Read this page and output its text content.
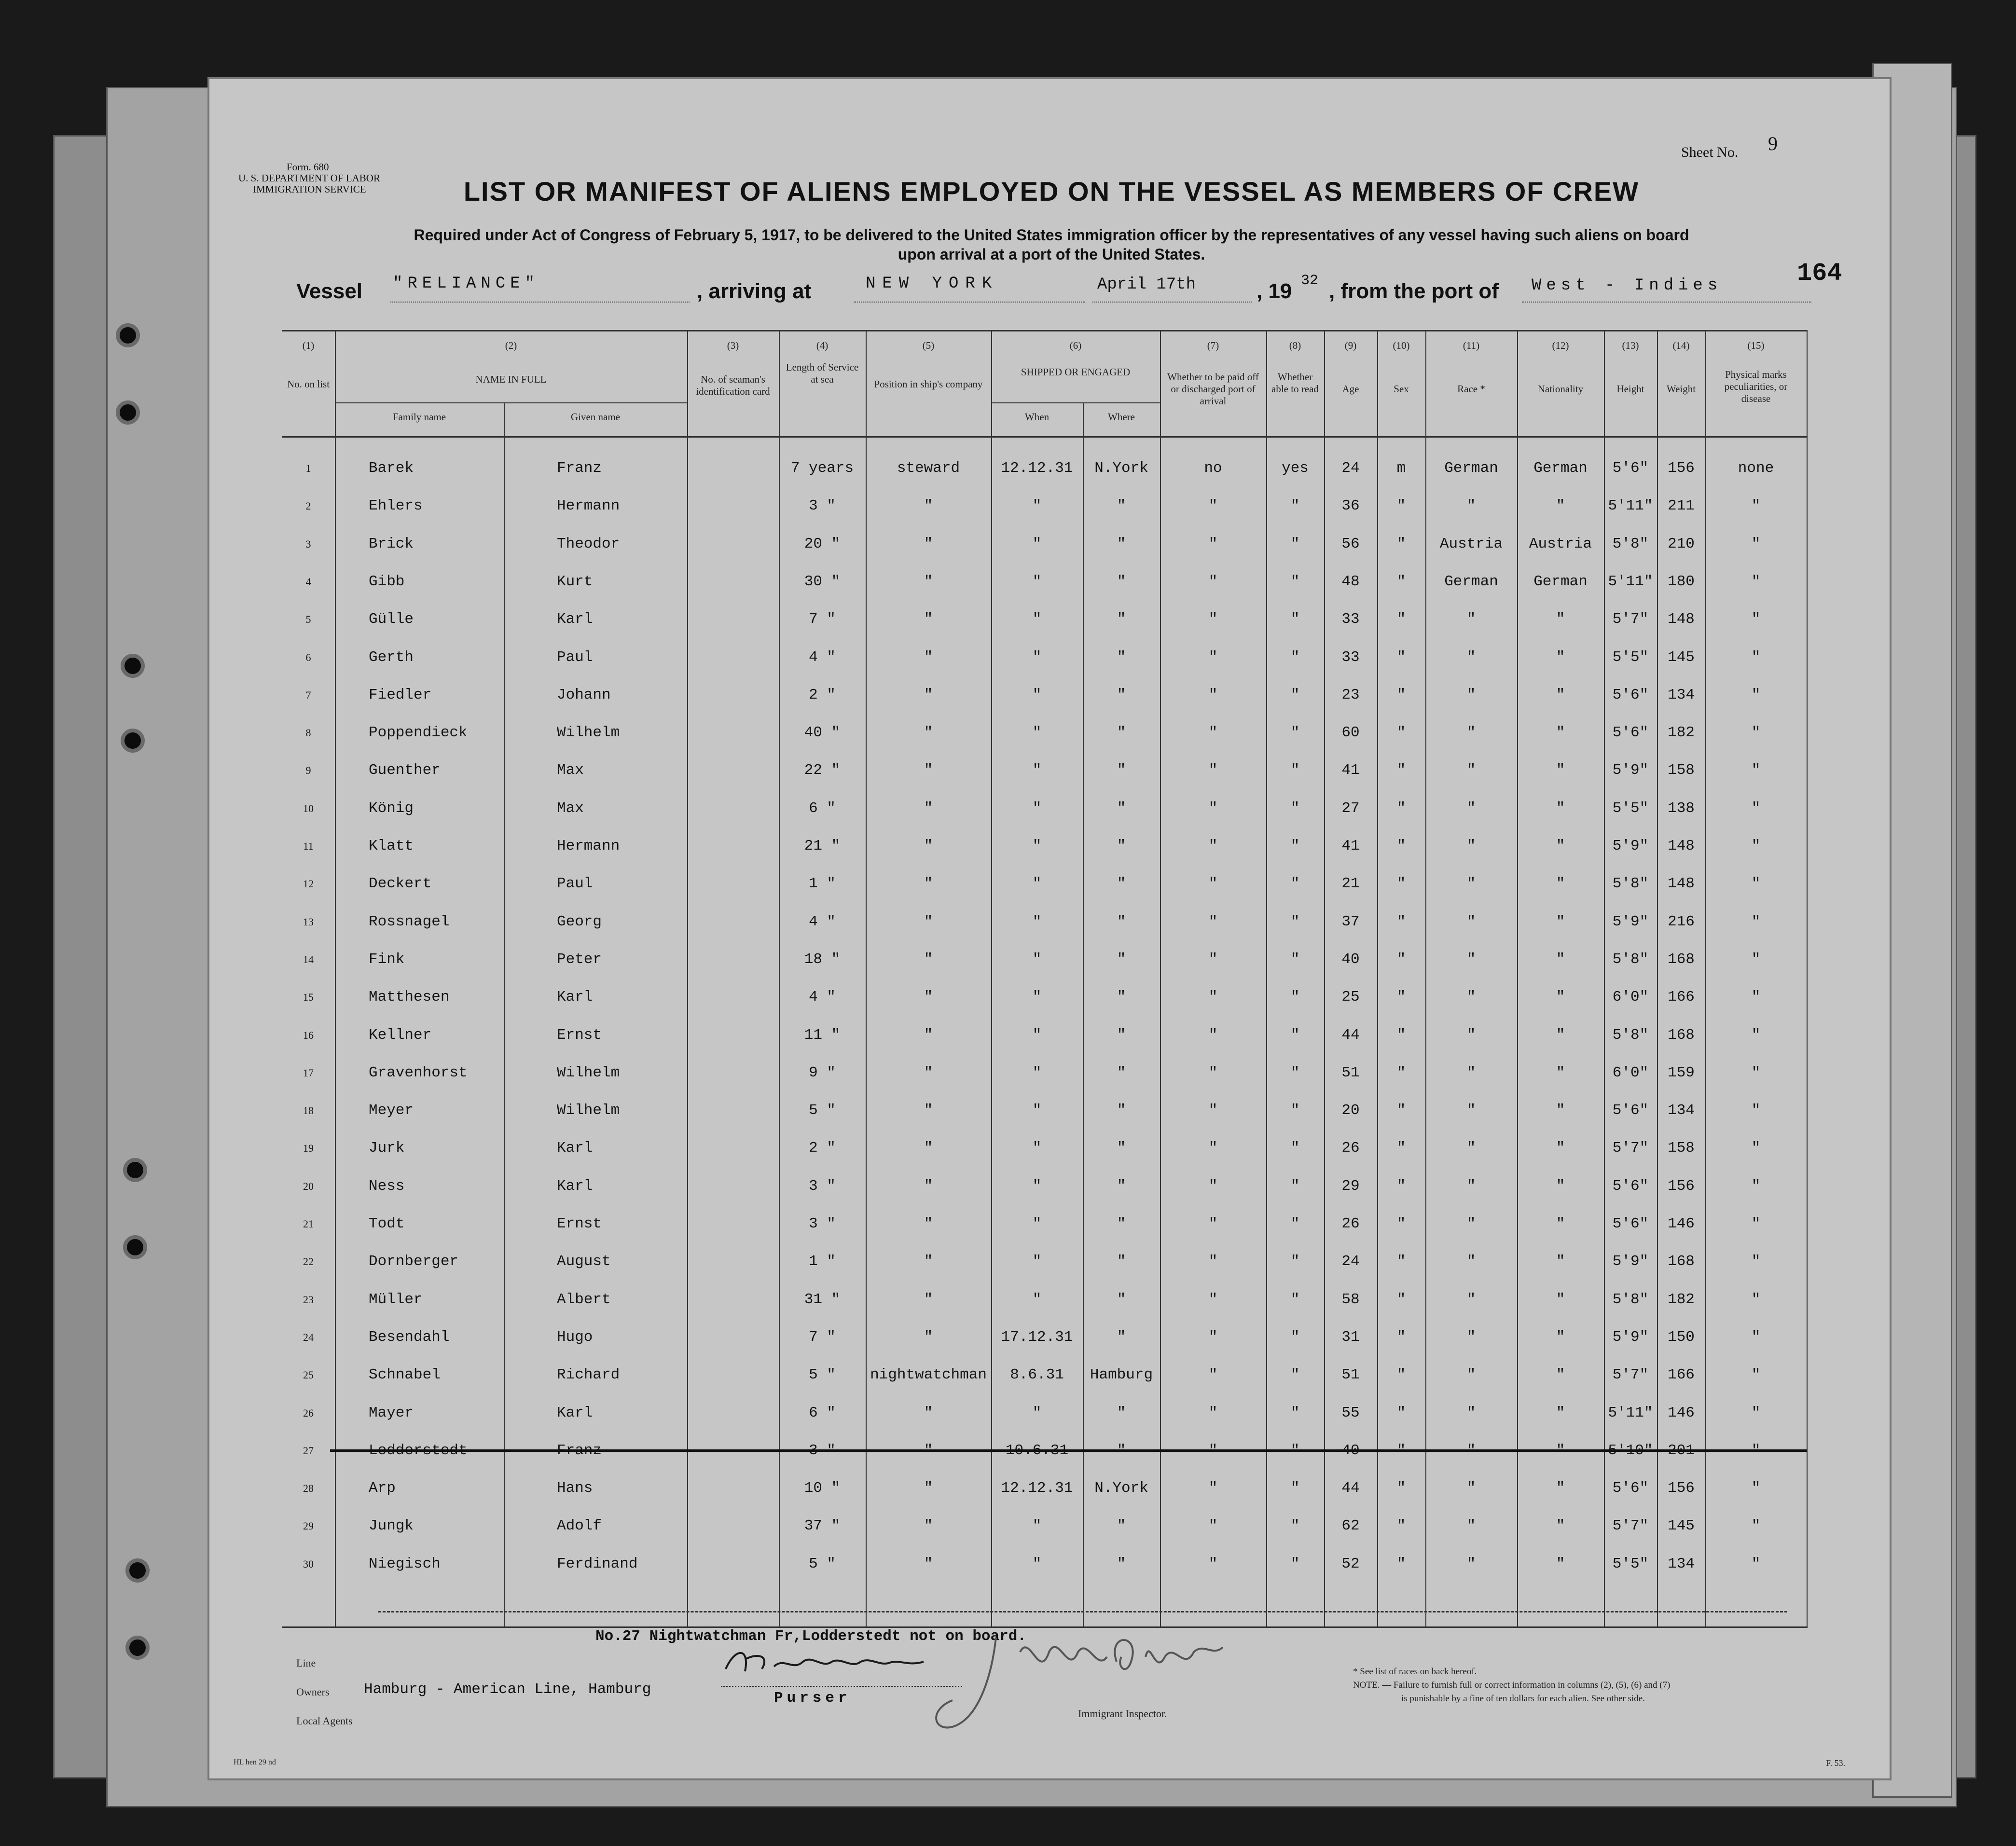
Form. 680
U. S. DEPARTMENT OF LABOR
IMMIGRATION SERVICE
Sheet No. 9
LIST OR MANIFEST OF ALIENS EMPLOYED ON THE VESSEL AS MEMBERS OF CREW
Required under Act of Congress of February 5, 1917, to be delivered to the United States immigration officer by the representatives of any vessel having such aliens on board
upon arrival at a port of the United States.
Vessel "RELIANCE"	, arriving at	NEW YORK	April 17th	, 19 32 , from the port of West - Indies	164
(1)
No. on list
(2)
NAME IN FULL
(3)
No. of seaman's identification card
(4)
Length of Service at sea
(5)
Position in ship's company
(6)
SHIPPED OR ENGAGED
(7)
Whether to be paid off or discharged port of arrival
(8)
Whether able to read
(9)
Age
(10)
Sex
(11)
Race *
(12)
Nationality
(13)
Height
(14)
Weight
(15)
Physical marks peculiarities, or disease
Family name	Given name	When	Where
1	Barek	Franz	7 years	steward	12.12.31	N.York	no	yes	24	m	German	German	5'6"	156	none
2	Ehlers	Hermann	3 "	"	"	"	"	"	36	"	"	"	5'11" 211	"
3	Brick	Theodor	20 "	"	"	"	"	"	56	"	Austria	Austria	5'8"	210	"
4	Gibb	Kurt	30 "	"	"	"	"	"	48	"	German	German	5'11" 180	"
5	Gülle	Karl	7 "	"	"	"	"	"	33	"	"	"	5'7"	148	"
6	Gerth	Paul	4 "	"	"	"	"	"	33	"	"	"	5'5"	145	"
7	Fiedler	Johann	2 "	"	"	"	"	"	23	"	"	"	5'6"	134	"
8	Poppendieck	Wilhelm	40 "	"	"	"	"	"	60	"	"	"	5'6"	182	"
9	Guenther	Max	22 "	"	"	"	"	"	41	"	"	"	5'9"	158	"
10	König	Max	6 "	"	"	"	"	"	27	"	"	"	5'5"	138	"
11	Klatt	Hermann	21 "	"	"	"	"	"	41	"	"	"	5'9"	148	"
12	Deckert	Paul	1 "	"	"	"	"	"	21	"	"	"	5'8"	148	"
13	Rossnagel	Georg	4 "	"	"	"	"	"	37	"	"	"	5'9"	216	"
14	Fink	Peter	18 "	"	"	"	"	"	40	"	"	"	5'8"	168	"
15	Matthesen	Karl	4 "	"	"	"	"	"	25	"	"	"	6'0"	166	"
16	Kellner	Ernst	11 "	"	"	"	"	"	44	"	"	"	5'8"	168	"
17	Gravenhorst	Wilhelm	9 "	"	"	"	"	"	51	"	"	"	6'0"	159	"
18	Meyer	Wilhelm	5 "	"	"	"	"	"	20	"	"	"	5'6"	134	"
19	Jurk	Karl	2 "	"	"	"	"	"	26	"	"	"	5'7"	158	"
20	Ness	Karl	3 "	"	"	"	"	"	29	"	"	"	5'6"	156	"
21	Todt	Ernst	3 "	"	"	"	"	"	26	"	"	"	5'6"	146	"
22	Dornberger	August	1 "	"	"	"	"	"	24	"	"	"	5'9"	168	"
23	Müller	Albert	31 "	"	"	"	"	"	58	"	"	"	5'8"	182	"
24	Besendahl	Hugo	7 "	"	17.12.31	"	"	"	31	"	"	"	5'9"	150	"
25	Schnabel	Richard	5 "	nightwatchman	8.6.31	Hamburg	"	"	51	"	"	"	5'7"	166	"
26	Mayer	Karl	6 "	"	"	"	"	"	55	"	"	"	5'11" 146	"
27	Lodderstedt	Franz	3 "	"	10.6.31	"	"	"	40	"	"	"	5'10" 201	"
28	Arp	Hans	10 "	"	12.12.31	N.York	"	"	44	"	"	"	5'6"	156	"
29	Jungk	Adolf	37 "	"	"	"	"	"	62	"	"	"	5'7"	145	"
30	Niegisch	Ferdinand	5 "	"	"	"	"	"	52	"	"	"	5'5"	134	"
No.27 Nightwatchman Fr,Lodderstedt not on board.
Line
Owners Hamburg - American Line, Hamburg
Local Agents
Purser
Immigrant Inspector.
* See list of races on back hereof.
NOTE. — Failure to furnish full or correct information in columns (2), (5), (6) and (7)
is punishable by a fine of ten dollars for each alien. See other side.
HL hen 29 nd	F. 53.
